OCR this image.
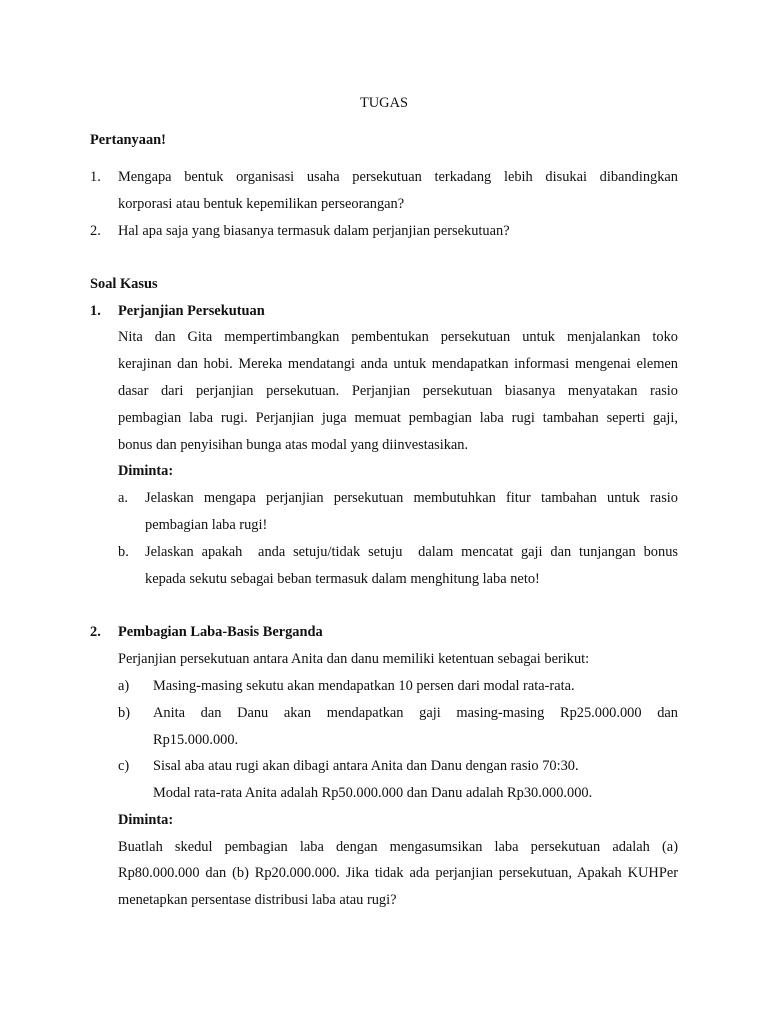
TUGAS
Pertanyaan!
1. Mengapa bentuk organisasi usaha persekutuan terkadang lebih disukai dibandingkan
korporasi atau bentuk kepemilikan perseorangan?
2. Hal apa saja yang biasanya termasuk dalam perjanjian persekutuan?
Soal Kasus
1. Perjanjian Persekutuan
Nita dan Gita mempertimbangkan pembentukan persekutuan untuk menjalankan toko
kerajinan dan hobi. Mereka mendatangi anda untuk mendapatkan informasi mengenai elemen
dasar dari perjanjian persekutuan. Perjanjian persekutuan biasanya menyatakan rasio
pembagian laba rugi. Perjanjian juga memuat pembagian laba rugi tambahan seperti gaji,
bonus dan penyisihan bunga atas modal yang diinvestasikan.
Diminta:
a. Jelaskan mengapa perjanjian persekutuan membutuhkan fitur tambahan untuk rasio
pembagian laba rugi!
b. Jelaskan apakah  anda setuju/tidak setuju  dalam mencatat gaji dan tunjangan bonus
kepada sekutu sebagai beban termasuk dalam menghitung laba neto!
2. Pembagian Laba-Basis Berganda
Perjanjian persekutuan antara Anita dan danu memiliki ketentuan sebagai berikut:
a) Masing-masing sekutu akan mendapatkan 10 persen dari modal rata-rata.
b) Anita dan Danu akan mendapatkan gaji masing-masing Rp25.000.000 dan
Rp15.000.000.
c) Sisal aba atau rugi akan dibagi antara Anita dan Danu dengan rasio 70:30.
Modal rata-rata Anita adalah Rp50.000.000 dan Danu adalah Rp30.000.000.
Diminta:
Buatlah skedul pembagian laba dengan mengasumsikan laba persekutuan adalah (a)
Rp80.000.000 dan (b) Rp20.000.000. Jika tidak ada perjanjian persekutuan, Apakah KUHPer
menetapkan persentase distribusi laba atau rugi?
